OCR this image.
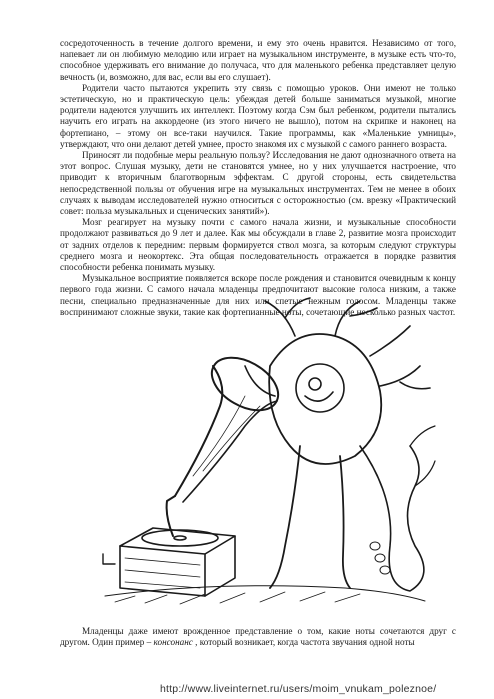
сосредоточенность в течение долгого времени, и ему это очень нравится. Независимо от того, напевает ли он любимую мелодию или играет на музыкальном инструменте, в музыке есть что-то, способное удерживать его внимание до получаса, что для маленького ребенка представляет целую вечность (и, возможно, для вас, если вы его слушает).

Родители часто пытаются укрепить эту связь с помощью уроков. Они имеют не только эстетическую, но и практическую цель: убеждая детей больше заниматься музыкой, многие родители надеются улучшить их интеллект. Поэтому когда Сэм был ребенком, родители пытались научить его играть на аккордеоне (из этого ничего не вышло), потом на скрипке и наконец на фортепиано, – этому он все-таки научился. Такие программы, как «Маленькие умницы», утверждают, что они делают детей умнее, просто знакомя их с музыкой с самого раннего возраста.

Приносят ли подобные меры реальную пользу? Исследования не дают однозначного ответа на этот вопрос. Слушая музыку, дети не становятся умнее, но у них улучшается настроение, что приводит к вторичным благотворным эффектам. С другой стороны, есть свидетельства непосредственной пользы от обучения игре на музыкальных инструментах. Тем не менее в обоих случаях к выводам исследователей нужно относиться с осторожностью (см. врезку «Практический совет: польза музыкальных и сценических занятий»).

Мозг реагирует на музыку почти с самого начала жизни, и музыкальные способности продолжают развиваться до 9 лет и далее. Как мы обсуждали в главе 2, развитие мозга происходит от задних отделов к передним: первым формируется ствол мозга, за которым следуют структуры среднего мозга и неокортекс. Эта общая последовательность отражается в порядке развития способности ребенка понимать музыку.

Музыкальное восприятие появляется вскоре после рождения и становится очевидным к концу первого года жизни. С самого начала младенцы предпочитают высокие голоса низким, а также песни, специально предназначенные для них или спетые нежным голосом. Младенцы также воспринимают сложные звуки, такие как фортепианные ноты, сочетающие несколько разных частот.

Младенцы даже имеют врожденное представление о том, какие ноты сочетаются друг с другом. Один пример – консонанс , который возникает, когда частота звучания одной ноты

http://www.liveinternet.ru/users/moim_vnukam_poleznoe/
